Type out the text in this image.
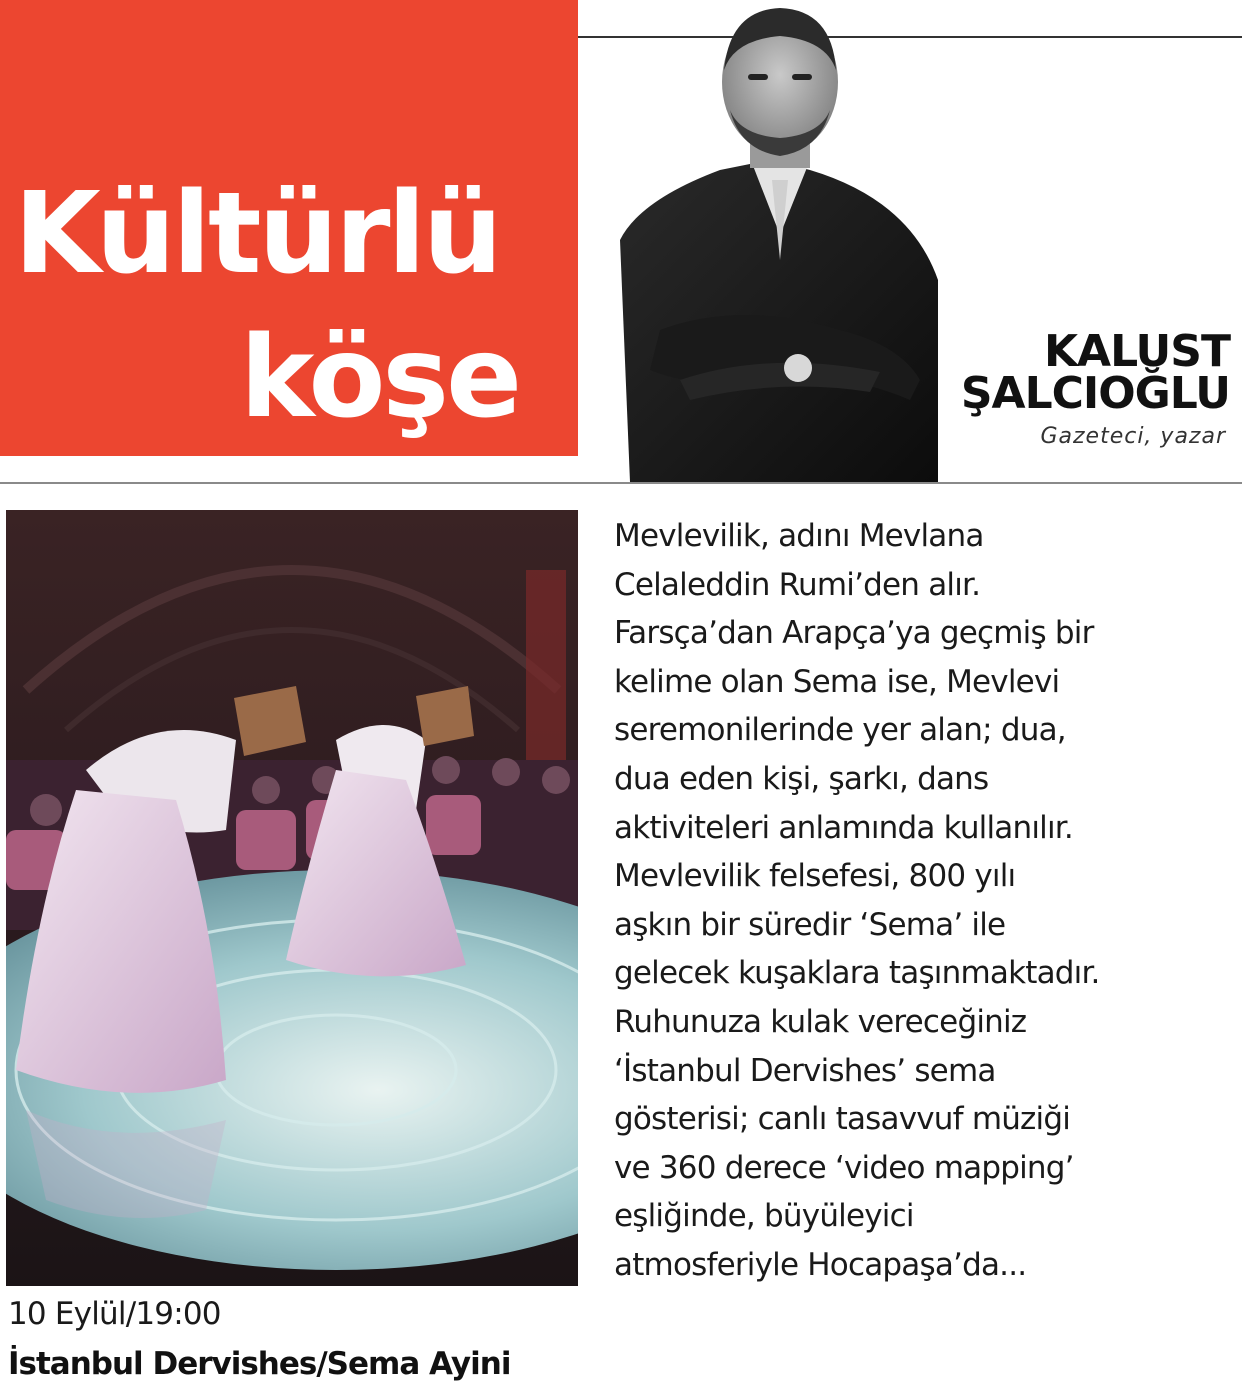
Kültürlü
köşe	KALUST
ŞALCIOĞLU
Gazeteci, yazar
Mevlevilik, adını Mevlana
Celaleddin Rumi’den alır.
Farsça’dan Arapça’ya geçmiş bir
kelime olan Sema ise, Mevlevi
seremonilerinde yer alan; dua,
dua eden kişi, şarkı, dans
aktiviteleri anlamında kullanılır.
Mevlevilik felsefesi, 800 yılı
aşkın bir süredir ‘Sema’ ile
gelecek kuşaklara taşınmaktadır.
Ruhunuza kulak vereceğiniz
‘İstanbul Dervishes’ sema
gösterisi; canlı tasavvuf müziği
ve 360 derece ‘video mapping’
eşliğinde, büyüleyici
atmosferiyle Hocapaşa’da...
10 Eylül/19:00
İstanbul Dervishes/Sema Ayini
